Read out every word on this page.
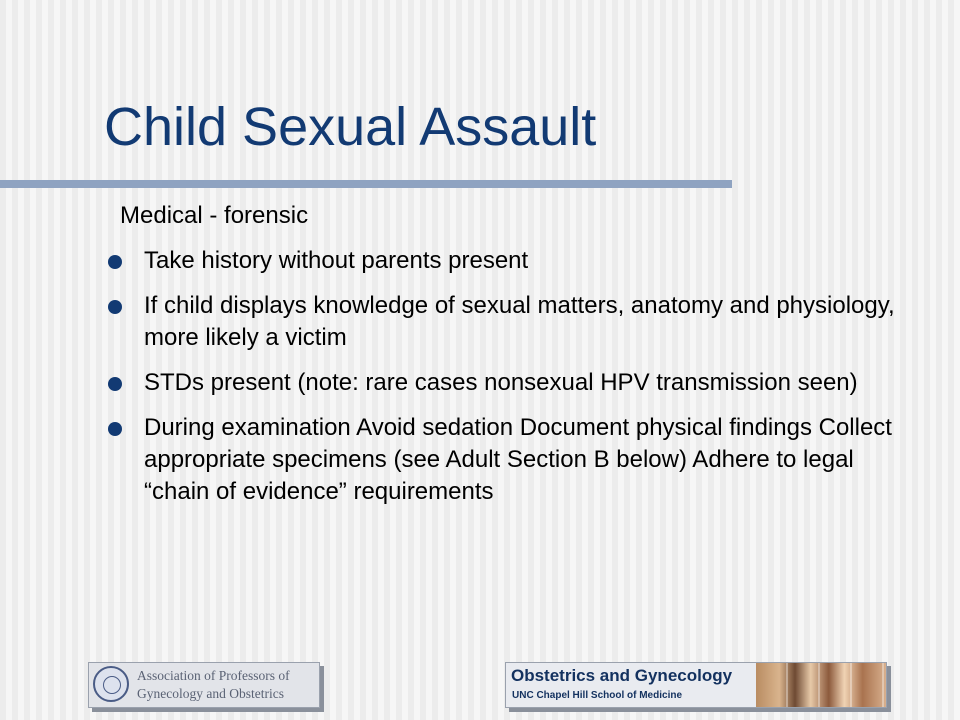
Child Sexual Assault

Medical - forensic

Take history without parents present
If child displays knowledge of sexual matters, anatomy and physiology, more likely a victim
STDs present (note: rare cases nonsexual HPV transmission seen)
During examination Avoid sedation Document physical findings Collect appropriate specimens (see Adult Section B below) Adhere to legal “chain of evidence” requirements
Association of Professors of
Gynecology and Obstetrics
Obstetrics and Gynecology
UNC Chapel Hill School of Medicine
